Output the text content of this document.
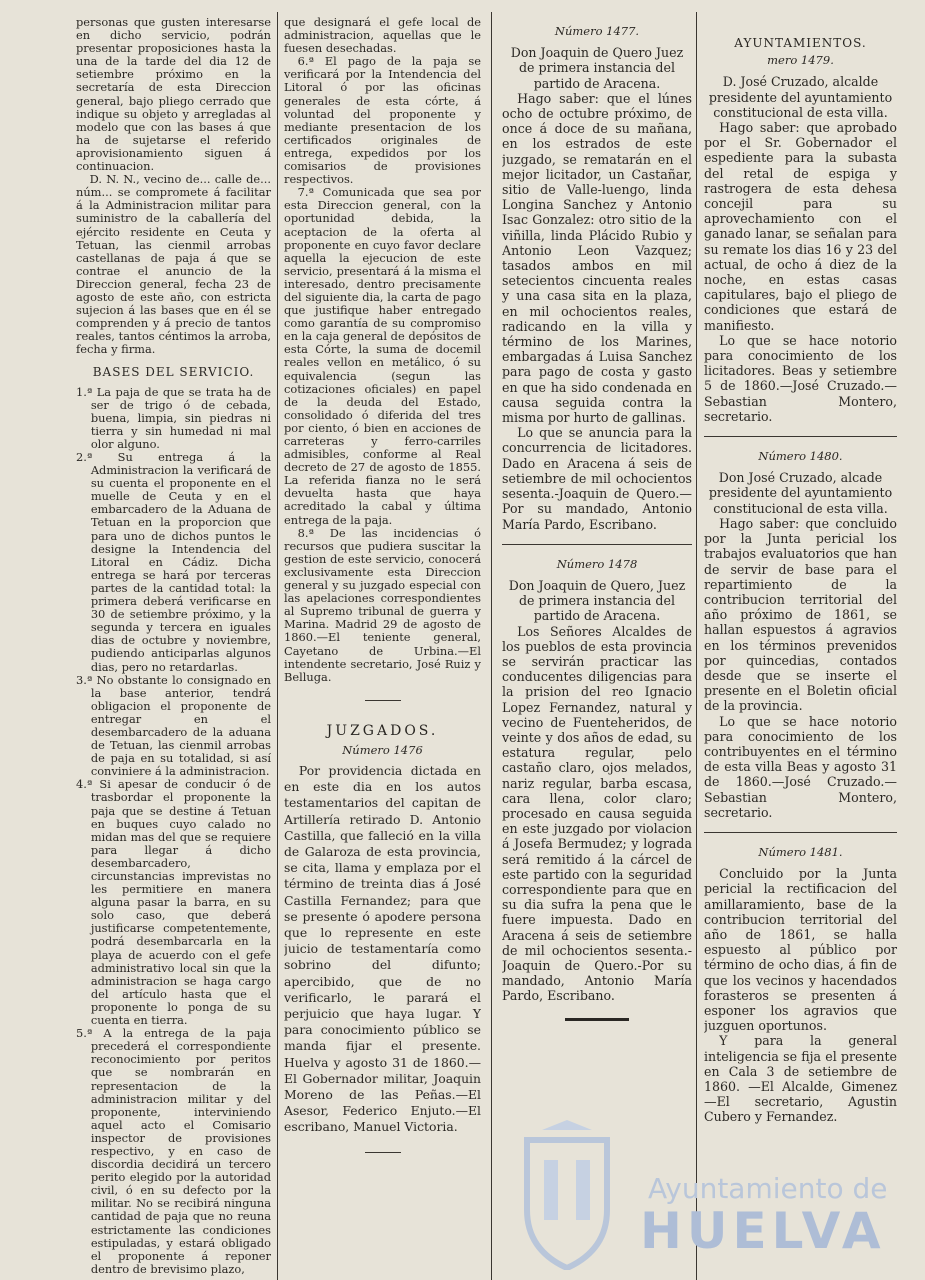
personas que gusten interesarse en dicho servicio, podrán presentar proposiciones hasta la una de la tarde del dia 12 de setiembre próximo en la secretaría de esta Direccion general, bajo pliego cerrado que indique su objeto y arregladas al modelo que con las bases á que ha de sujetarse el referido aprovisionamiento siguen á continuacion.

D. N. N., vecino de... calle de... núm... se compromete á facilitar á la Administracion militar para suministro de la caballería del ejército residente en Ceuta y Tetuan, las cienmil arrobas castellanas de paja á que se contrae el anuncio de la Direccion general, fecha 23 de agosto de este año, con estricta sujecion á las bases que en él se comprenden y á precio de tantos reales, tantos céntimos la arroba, fecha y firma.

BASES DEL SERVICIO.

1.ª La paja de que se trata ha de ser de trigo ó de cebada, buena, limpia, sin piedras ni tierra y sin humedad ni mal olor alguno.

2.ª Su entrega á la Administracion la verificará de su cuenta el proponente en el muelle de Ceuta y en el embarcadero de la Aduana de Tetuan en la proporcion que para uno de dichos puntos le designe la Intendencia del Litoral en Cádiz. Dicha entrega se hará por terceras partes de la cantidad total: la primera deberá verificarse en 30 de setiembre próximo, y la segunda y tercera en iguales dias de octubre y noviembre, pudiendo anticiparlas algunos dias, pero no retardarlas.

3.ª No obstante lo consignado en la base anterior, tendrá obligacion el proponente de entregar en el desembarcadero de la aduana de Tetuan, las cienmil arrobas de paja en su totalidad, si así conviniere á la administracion.

4.ª Si apesar de conducir ó de trasbordar el proponente la paja que se destine á Tetuan en buques cuyo calado no midan mas del que se requiere para llegar á dicho desembarcadero, circunstancias imprevistas no les permitiere en manera alguna pasar la barra, en su solo caso, que deberá justificarse competentemente, podrá desembarcarla en la playa de acuerdo con el gefe administrativo local sin que la administracion se haga cargo del artículo hasta que el proponente lo ponga de su cuenta en tierra.

5.ª A la entrega de la paja precederá el correspondiente reconocimiento por peritos que se nombrarán en representacion de la administracion militar y del proponente, interviniendo aquel acto el Comisario inspector de provisiones respectivo, y en caso de discordia decidirá un tercero perito elegido por la autoridad civil, ó en su defecto por la militar. No se recibirá ninguna cantidad de paja que no reuna estrictamente las condiciones estipuladas, y estará obligado el proponente á reponer dentro de brevisimo plazo,

que designará el gefe local de administracion, aquellas que le fuesen desechadas.

6.ª El pago de la paja se verificará por la Intendencia del Litoral ó por las oficinas generales de esta córte, á voluntad del proponente y mediante presentacion de los certificados originales de entrega, expedidos por los comisarios de provisiones respectivos.

7.ª Comunicada que sea por esta Direccion general, con la oportunidad debida, la aceptacion de la oferta al proponente en cuyo favor declare aquella la ejecucion de este servicio, presentará á la misma el interesado, dentro precisamente del siguiente dia, la carta de pago que justifique haber entregado como garantía de su compromiso en la caja general de depósitos de esta Córte, la suma de docemil reales vellon en metálico, ó su equivalencia (segun las cotizaciones oficiales) en papel de la deuda del Estado, consolidado ó diferida del tres por ciento, ó bien en acciones de carreteras y ferro-carriles admisibles, conforme al Real decreto de 27 de agosto de 1855. La referida fianza no le será devuelta hasta que haya acreditado la cabal y última entrega de la paja.

8.ª De las incidencias ó recursos que pudiera suscitar la gestion de este servicio, conocerá exclusivamente esta Direccion general y su juzgado especial con las apelaciones correspondientes al Supremo tribunal de guerra y Marina. Madrid 29 de agosto de 1860.—El teniente general, Cayetano de Urbina.—El intendente secretario, José Ruiz y Belluga.

JUZGADOS.
Número 1476

Por providencia dictada en en este dia en los autos testamentarios del capitan de Artillería retirado D. Antonio Castilla, que falleció en la villa de Galaroza de esta provincia, se cita, llama y emplaza por el término de treinta dias á José Castilla Fernandez; para que se presente ó apodere persona que lo represente en este juicio de testamentaría como sobrino del difunto; apercibido, que de no verificarlo, le parará el perjuicio que haya lugar. Y para conocimiento público se manda fijar el presente. Huelva y agosto 31 de 1860.—El Gobernador militar, Joaquin Moreno de las Peñas.—El Asesor, Federico Enjuto.—El escribano, Manuel Victoria.

Número 1477.

Don Joaquin de Quero Juez de primera instancia del partido de Aracena.

Hago saber: que el lúnes ocho de octubre próximo, de once á doce de su mañana, en los estrados de este juzgado, se rematarán en el mejor licitador, un Castañar, sitio de Valle-luengo, linda Longina Sanchez y Antonio Isac Gonzalez: otro sitio de la viñilla, linda Plácido Rubio y Antonio Leon Vazquez; tasados ambos en mil setecientos cincuenta reales y una casa sita en la plaza, en mil ochocientos reales, radicando en la villa y término de los Marines, embargadas á Luisa Sanchez para pago de costa y gasto en que ha sido condenada en causa seguida contra la misma por hurto de gallinas.

Lo que se anuncia para la concurrencia de licitadores. Dado en Aracena á seis de setiembre de mil ochocientos sesenta.-Joaquin de Quero.—Por su mandado, Antonio María Pardo, Escribano.

Número 1478

Don Joaquin de Quero, Juez de primera instancia del partido de Aracena.

Los Señores Alcaldes de los pueblos de esta provincia se servirán practicar las conducentes diligencias para la prision del reo Ignacio Lopez Fernandez, natural y vecino de Fuenteheridos, de veinte y dos años de edad, su estatura regular, pelo castaño claro, ojos melados, nariz regular, barba escasa, cara llena, color claro; procesado en causa seguida en este juzgado por violacion á Josefa Bermudez; y lograda será remitido á la cárcel de este partido con la seguridad correspondiente para que en su dia sufra la pena que le fuere impuesta. Dado en Aracena á seis de setiembre de mil ochocientos sesenta.-Joaquin de Quero.-Por su mandado, Antonio María Pardo, Escribano.

AYUNTAMIENTOS.
mero 1479.

D. José Cruzado, alcalde presidente del ayuntamiento constitucional de esta villa.

Hago saber: que aprobado por el Sr. Gobernador el espediente para la subasta del retal de espiga y rastrogera de esta dehesa concejil para su aprovechamiento con el ganado lanar, se señalan para su remate los dias 16 y 23 del actual, de ocho á diez de la noche, en estas casas capitulares, bajo el pliego de condiciones que estará de manifiesto.

Lo que se hace notorio para conocimiento de los licitadores. Beas y setiembre 5 de 1860.—José Cruzado.—Sebastian Montero, secretario.

Número 1480.

Don José Cruzado, alcade presidente del ayuntamiento constitucional de esta villa.

Hago saber: que concluido por la Junta pericial los trabajos evaluatorios que han de servir de base para el repartimiento de la contribucion territorial del año próximo de 1861, se hallan espuestos á agravios en los términos prevenidos por quincedias, contados desde que se inserte el presente en el Boletin oficial de la provincia.

Lo que se hace notorio para conocimiento de los contribuyentes en el término de esta villa Beas y agosto 31 de 1860.—José Cruzado.—Sebastian Montero, secretario.

Número 1481.

Concluido por la Junta pericial la rectificacion del amillaramiento, base de la contribucion territorial del año de 1861, se halla espuesto al público por término de ocho dias, á fin de que los vecinos y hacendados forasteros se presenten á esponer los agravios que juzguen oportunos.

Y para la general inteligencia se fija el presente en Cala 3 de setiembre de 1860. —El Alcalde, Gimenez —El secretario, Agustin Cubero y Fernandez.

Ayuntamiento de
HUELVA
